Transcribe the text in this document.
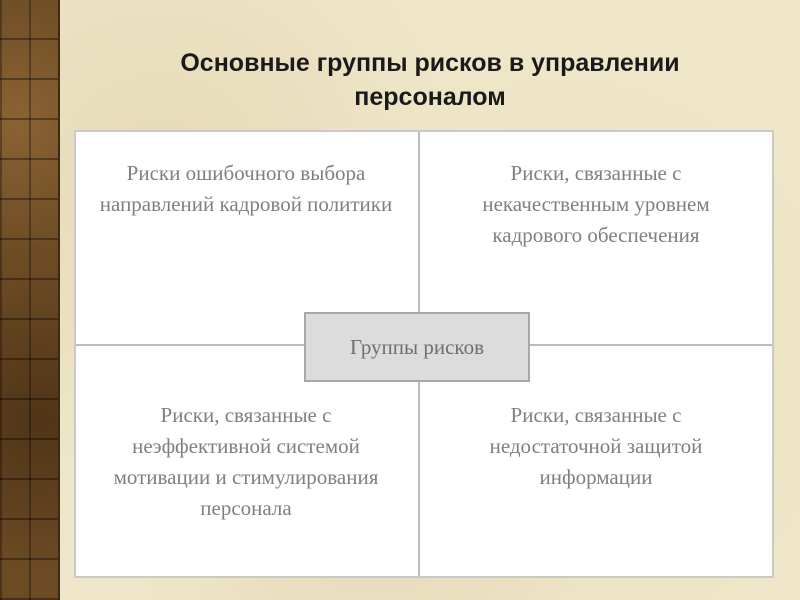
Основные группы рисков в управлении персоналом

Риски ошибочного выбора направлений кадровой политики

Риски, связанные с некачественным уровнем кадрового обеспечения

Риски, связанные с неэффективной системой мотивации и стимулирования персонала

Риски, связанные с недостаточной защитой информации

Группы рисков
